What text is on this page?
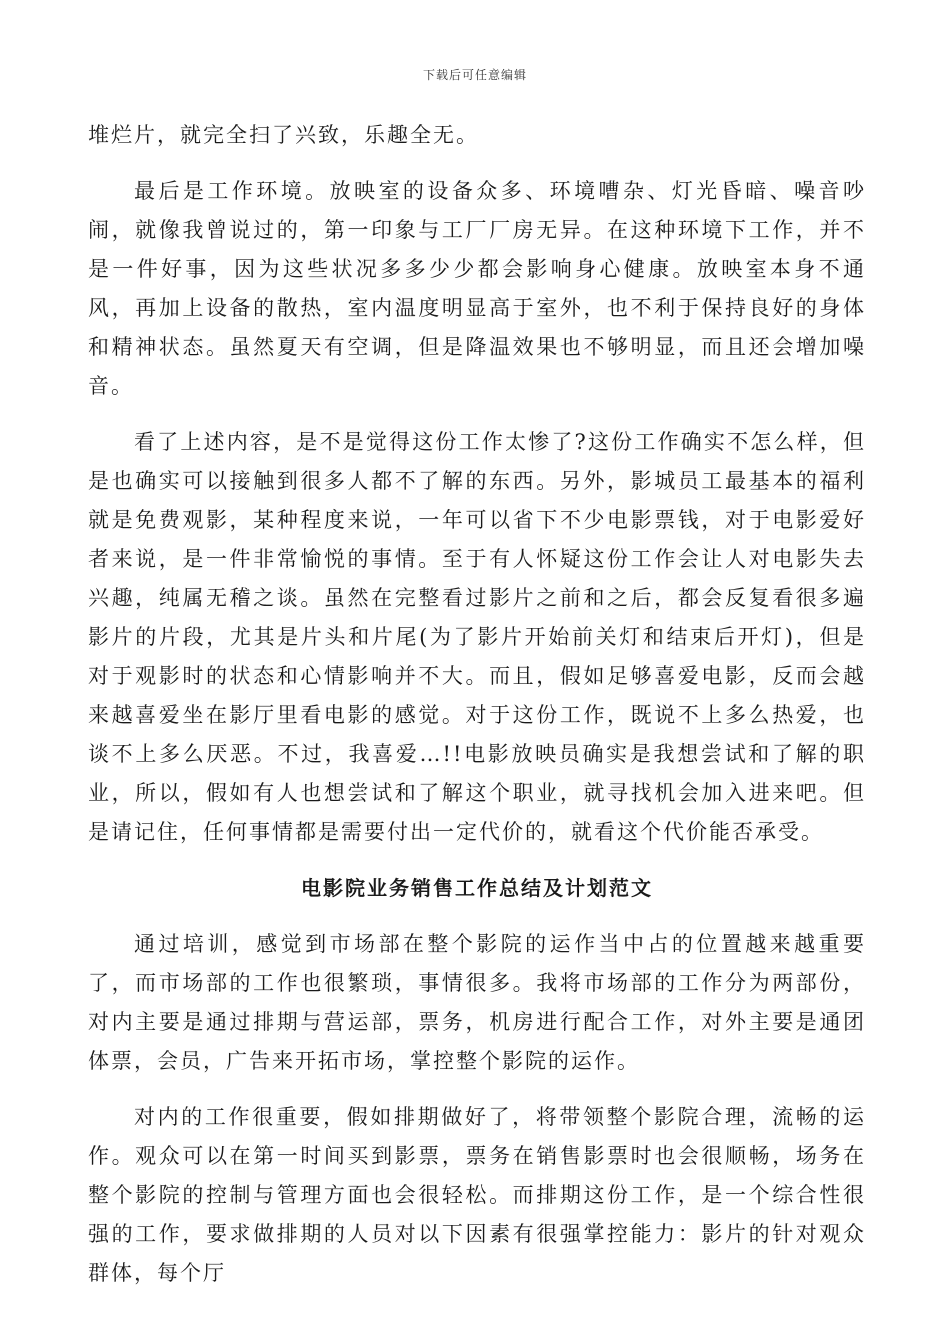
下载后可任意编辑

堆烂片，就完全扫了兴致，乐趣全无。

最后是工作环境。放映室的设备众多、环境嘈杂、灯光昏暗、噪音吵闹，就像我曾说过的，第一印象与工厂厂房无异。在这种环境下工作，并不是一件好事，因为这些状况多多少少都会影响身心健康。放映室本身不通风，再加上设备的散热，室内温度明显高于室外，也不利于保持良好的身体和精神状态。虽然夏天有空调，但是降温效果也不够明显，而且还会增加噪音。

看了上述内容，是不是觉得这份工作太惨了?这份工作确实不怎么样，但是也确实可以接触到很多人都不了解的东西。另外，影城员工最基本的福利就是免费观影，某种程度来说，一年可以省下不少电影票钱，对于电影爱好者来说，是一件非常愉悦的事情。至于有人怀疑这份工作会让人对电影失去兴趣，纯属无稽之谈。虽然在完整看过影片之前和之后，都会反复看很多遍影片的片段，尤其是片头和片尾(为了影片开始前关灯和结束后开灯)，但是对于观影时的状态和心情影响并不大。而且，假如足够喜爱电影，反而会越来越喜爱坐在影厅里看电影的感觉。对于这份工作，既说不上多么热爱，也谈不上多么厌恶。不过，我喜爱…!!电影放映员确实是我想尝试和了解的职业，所以，假如有人也想尝试和了解这个职业，就寻找机会加入进来吧。但是请记住，任何事情都是需要付出一定代价的，就看这个代价能否承受。

电影院业务销售工作总结及计划范文

通过培训，感觉到市场部在整个影院的运作当中占的位置越来越重要了，而市场部的工作也很繁琐，事情很多。我将市场部的工作分为两部份，对内主要是通过排期与营运部，票务，机房进行配合工作，对外主要是通团体票，会员，广告来开拓市场，掌控整个影院的运作。

对内的工作很重要，假如排期做好了，将带领整个影院合理，流畅的运作。观众可以在第一时间买到影票，票务在销售影票时也会很顺畅，场务在整个影院的控制与管理方面也会很轻松。而排期这份工作，是一个综合性很强的工作，要求做排期的人员对以下因素有很强掌控能力：影片的针对观众群体，每个厅
